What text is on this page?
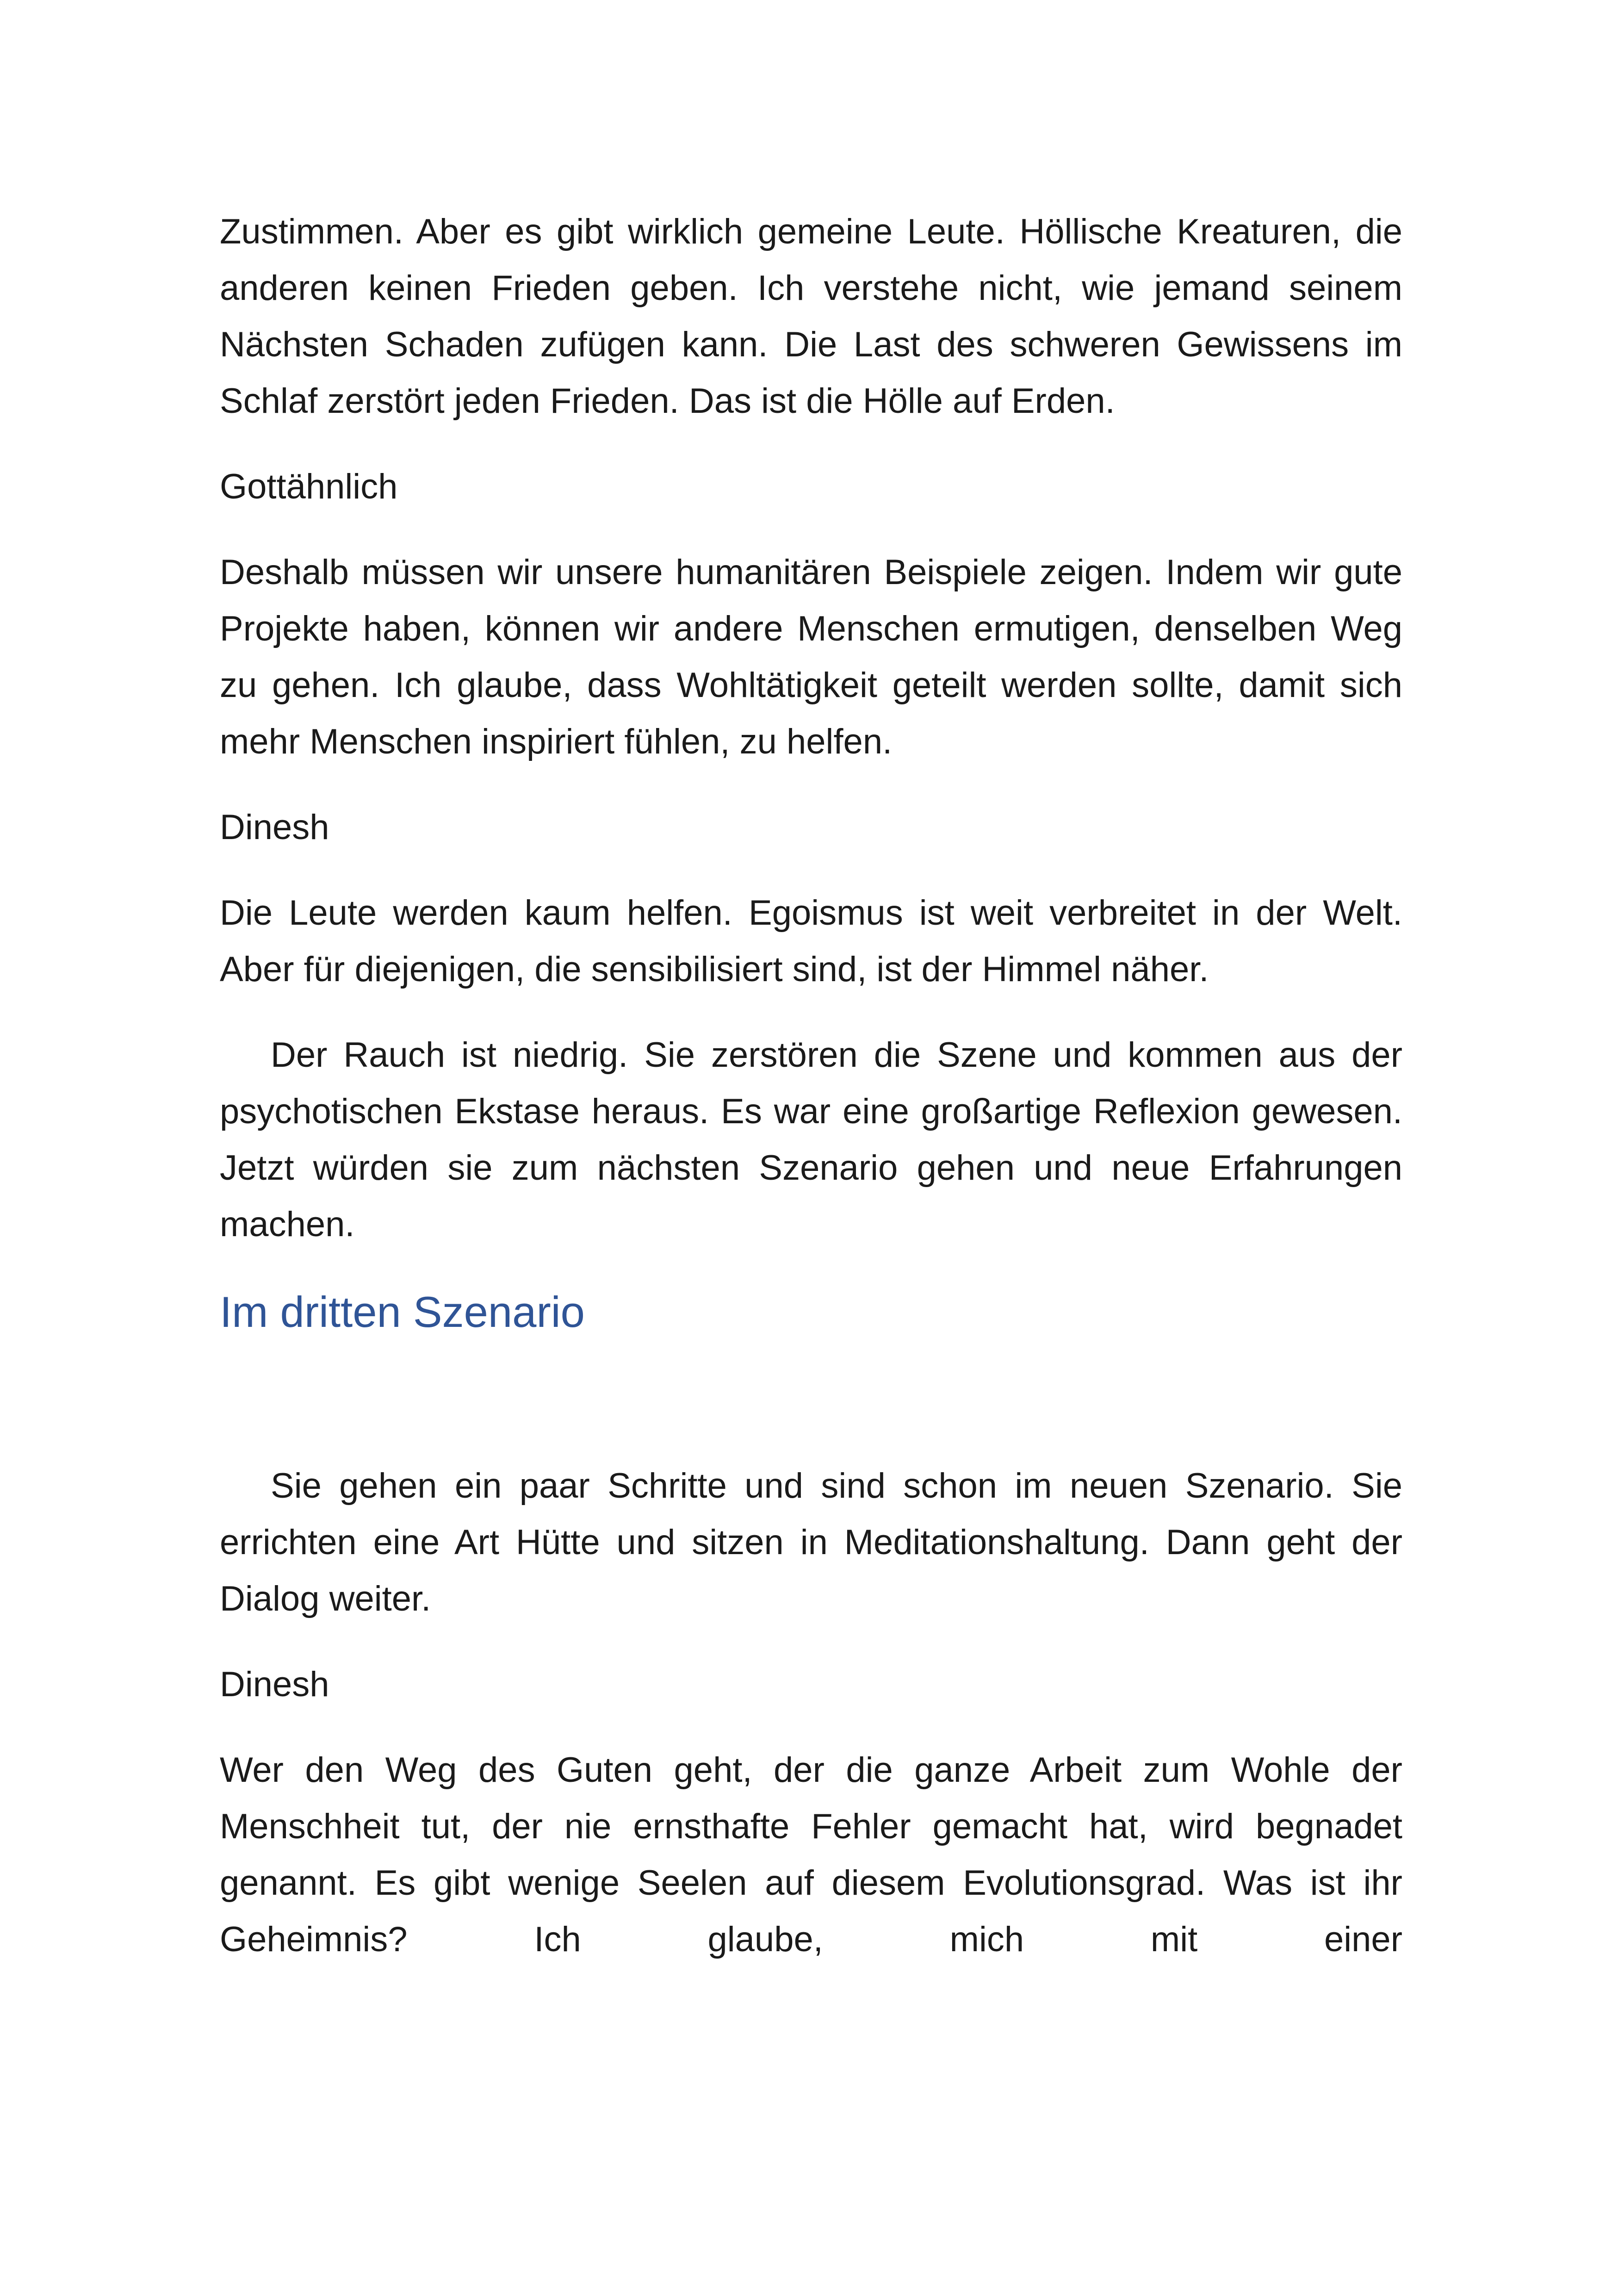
Zustimmen. Aber es gibt wirklich gemeine Leute. Höllische Kreaturen, die anderen keinen Frieden geben. Ich verstehe nicht, wie jemand seinem Nächsten Schaden zufügen kann. Die Last des schweren Gewissens im Schlaf zerstört jeden Frieden. Das ist die Hölle auf Erden.

Gottähnlich

Deshalb müssen wir unsere humanitären Beispiele zeigen. Indem wir gute Projekte haben, können wir andere Menschen ermutigen, denselben Weg zu gehen. Ich glaube, dass Wohltätigkeit geteilt werden sollte, damit sich mehr Menschen inspiriert fühlen, zu helfen.

Dinesh

Die Leute werden kaum helfen. Egoismus ist weit verbreitet in der Welt. Aber für diejenigen, die sensibilisiert sind, ist der Himmel näher.

Der Rauch ist niedrig. Sie zerstören die Szene und kommen aus der psychotischen Ekstase heraus. Es war eine großartige Reflexion gewesen. Jetzt würden sie zum nächsten Szenario gehen und neue Erfahrungen machen.

Im dritten Szenario

Sie gehen ein paar Schritte und sind schon im neuen Szenario. Sie errichten eine Art Hütte und sitzen in Meditationshaltung. Dann geht der Dialog weiter.

Dinesh

Wer den Weg des Guten geht, der die ganze Arbeit zum Wohle der Menschheit tut, der nie ernsthafte Fehler gemacht hat, wird begnadet genannt. Es gibt wenige Seelen auf diesem Evolutionsgrad. Was ist ihr Geheimnis? Ich glaube, mich mit einer
